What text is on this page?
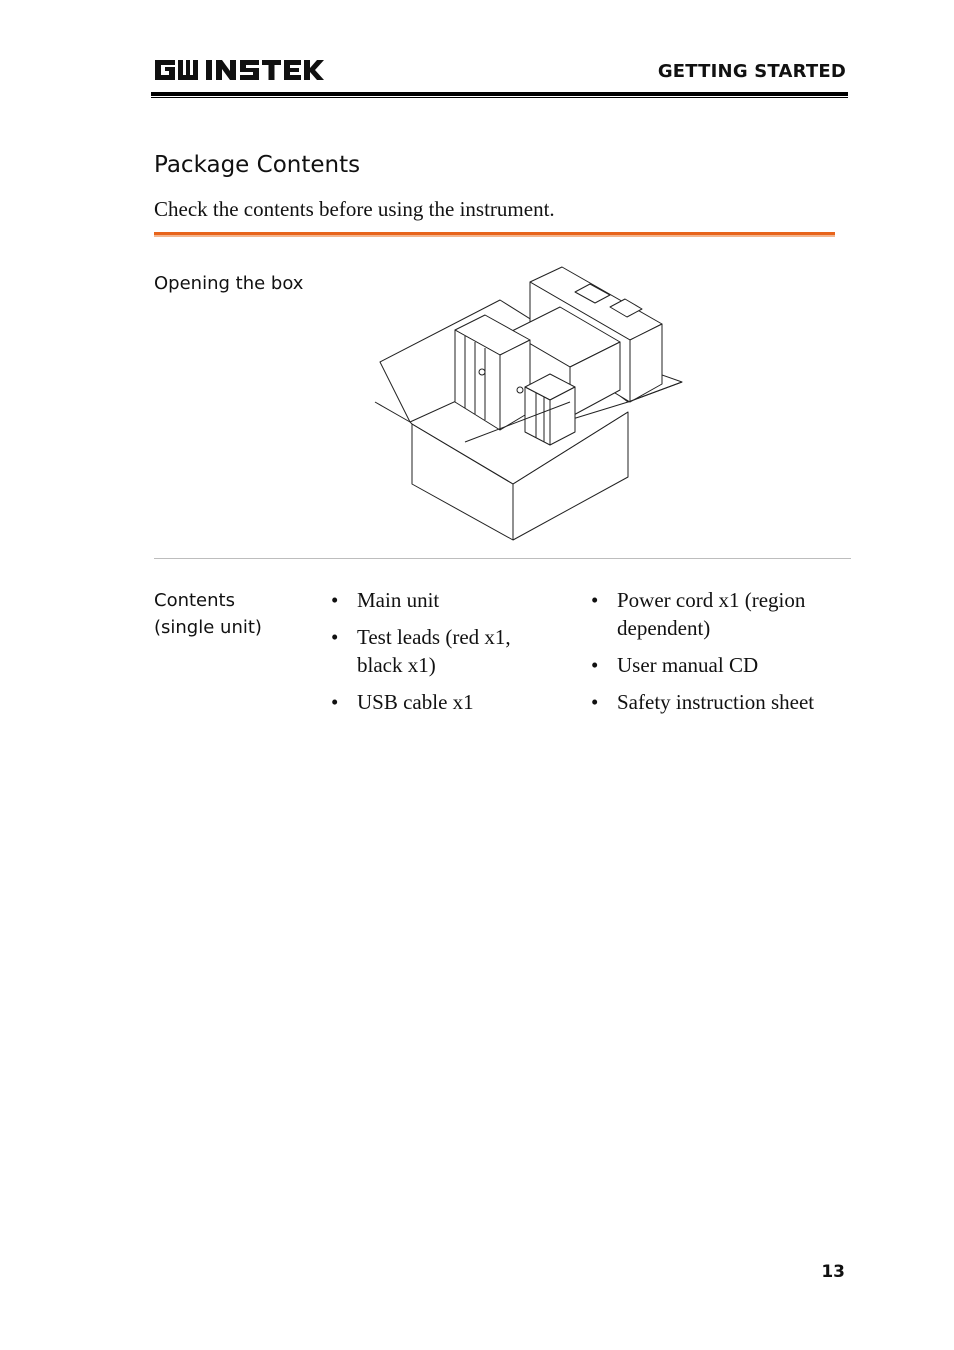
GETTING STARTED
Package Contents
Check the contents before using the instrument.
Opening the box
Contents
(single unit)
• Main unit
• Test leads (red x1, black x1)
• USB cable x1
• Power cord x1 (region dependent)
• User manual CD
• Safety instruction sheet
13
